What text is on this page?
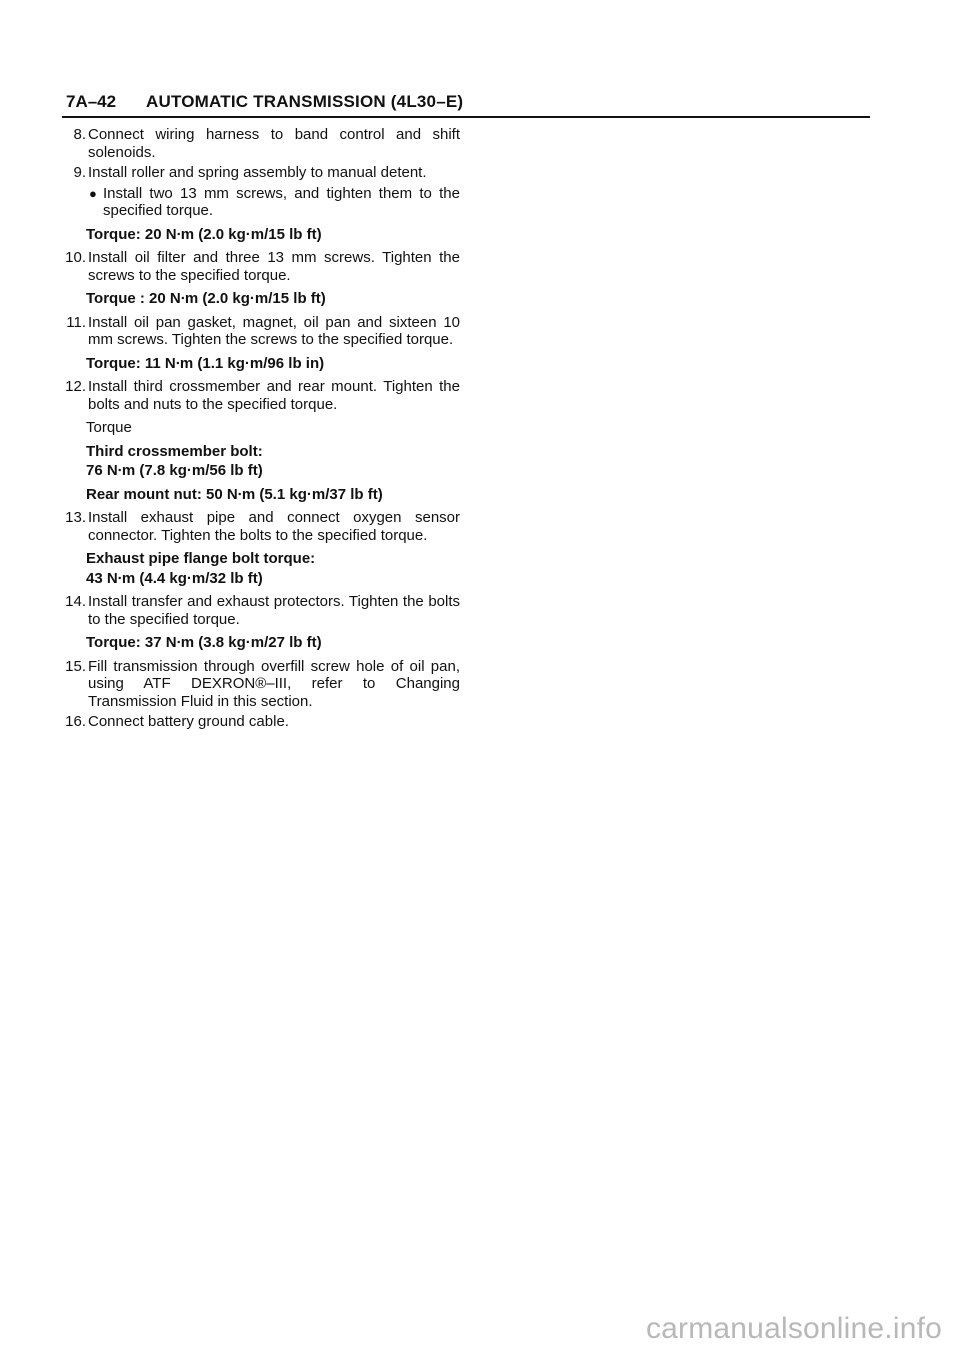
7A–42 AUTOMATIC TRANSMISSION (4L30–E)
8. Connect wiring harness to band control and shift solenoids.
9. Install roller and spring assembly to manual detent.
● Install two 13 mm screws, and tighten them to the specified torque.
Torque: 20 N∙m (2.0 kg·m/15 lb ft)
10. Install oil filter and three 13 mm screws. Tighten the screws to the specified torque.
Torque : 20 N∙m (2.0 kg·m/15 lb ft)
11. Install oil pan gasket, magnet, oil pan and sixteen 10 mm screws. Tighten the screws to the specified torque.
Torque: 11 N∙m (1.1 kg·m/96 lb in)
12. Install third crossmember and rear mount. Tighten the bolts and nuts to the specified torque.
Torque
Third crossmember bolt:
76 N∙m (7.8 kg·m/56 lb ft)
Rear mount nut: 50 N∙m (5.1 kg·m/37 lb ft)
13. Install exhaust pipe and connect oxygen sensor connector. Tighten the bolts to the specified torque.
Exhaust pipe flange bolt torque:
43 N∙m (4.4 kg·m/32 lb ft)
14. Install transfer and exhaust protectors. Tighten the bolts to the specified torque.
Torque: 37 N∙m (3.8 kg·m/27 lb ft)
15. Fill transmission through overfill screw hole of oil pan, using ATF DEXRON®–III, refer to Changing Transmission Fluid in this section.
16. Connect battery ground cable.
carmanualsonline.info
